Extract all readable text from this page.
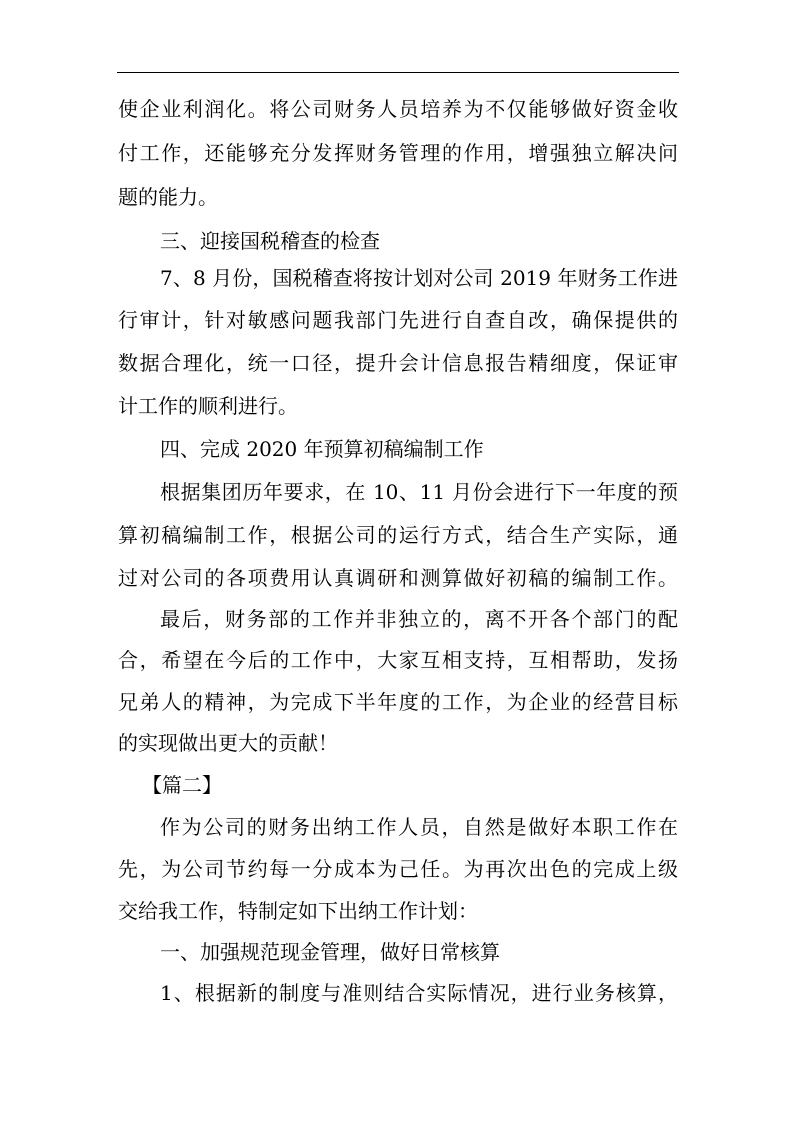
使企业利润化。将公司财务人员培养为不仅能够做好资金收
付工作，还能够充分发挥财务管理的作用，增强独立解决问
题的能力。
三、迎接国税稽查的检查
7、8 月份，国税稽查将按计划对公司 2019 年财务工作进
行审计，针对敏感问题我部门先进行自查自改，确保提供的
数据合理化，统一口径，提升会计信息报告精细度，保证审
计工作的顺利进行。
四、完成 2020 年预算初稿编制工作
根据集团历年要求，在 10、11 月份会进行下一年度的预
算初稿编制工作，根据公司的运行方式，结合生产实际，通
过对公司的各项费用认真调研和测算做好初稿的编制工作。
最后，财务部的工作并非独立的，离不开各个部门的配
合，希望在今后的工作中，大家互相支持，互相帮助，发扬
兄弟人的精神，为完成下半年度的工作，为企业的经营目标
的实现做出更大的贡献！
【篇二】
作为公司的财务出纳工作人员，自然是做好本职工作在
先，为公司节约每一分成本为己任。为再次出色的完成上级
交给我工作，特制定如下出纳工作计划：
一、加强规范现金管理，做好日常核算
1、根据新的制度与准则结合实际情况，进行业务核算，
